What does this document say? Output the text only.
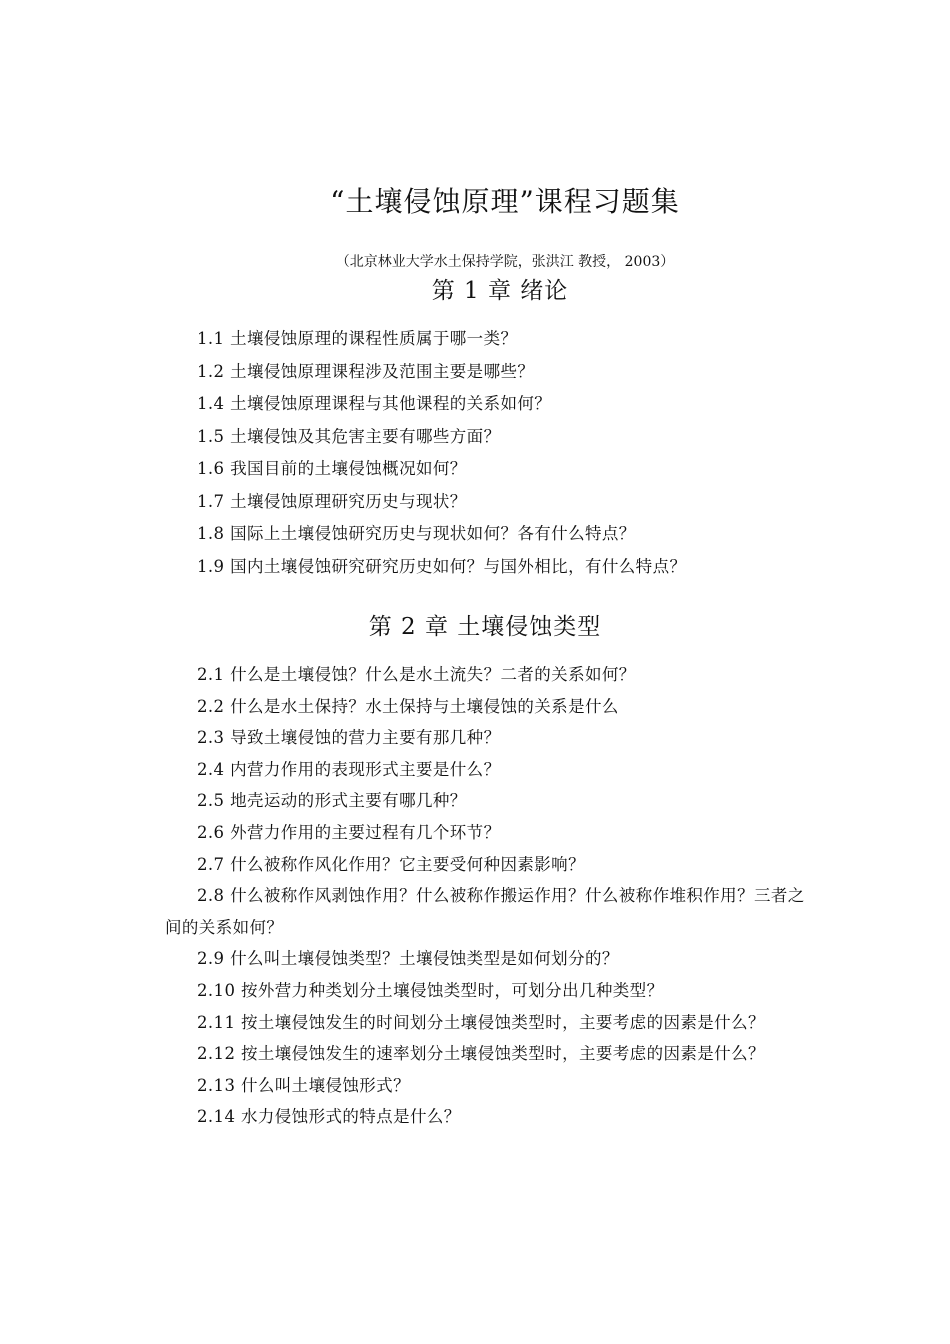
“土壤侵蚀原理”课程习题集

（北京林业大学水土保持学院，张洪江 教授， 2003）

第 1 章 绪论

1.1 土壤侵蚀原理的课程性质属于哪一类？

1.2 土壤侵蚀原理课程涉及范围主要是哪些？

1.4 土壤侵蚀原理课程与其他课程的关系如何？

1.5 土壤侵蚀及其危害主要有哪些方面？

1.6 我国目前的土壤侵蚀概况如何？

1.7 土壤侵蚀原理研究历史与现状？

1.8 国际上土壤侵蚀研究历史与现状如何？各有什么特点？

1.9 国内土壤侵蚀研究研究历史如何？与国外相比，有什么特点？

第 2 章 土壤侵蚀类型

2.1 什么是土壤侵蚀？什么是水土流失？二者的关系如何？

2.2 什么是水土保持？水土保持与土壤侵蚀的关系是什么

2.3 导致土壤侵蚀的营力主要有那几种？

2.4 内营力作用的表现形式主要是什么？

2.5 地壳运动的形式主要有哪几种？

2.6 外营力作用的主要过程有几个环节？

2.7 什么被称作风化作用？它主要受何种因素影响？

2.8 什么被称作风剥蚀作用？什么被称作搬运作用？什么被称作堆积作用？三者之间的关系如何？

2.9 什么叫土壤侵蚀类型？土壤侵蚀类型是如何划分的？

2.10 按外营力种类划分土壤侵蚀类型时，可划分出几种类型？

2.11 按土壤侵蚀发生的时间划分土壤侵蚀类型时，主要考虑的因素是什么？

2.12 按土壤侵蚀发生的速率划分土壤侵蚀类型时，主要考虑的因素是什么？

2.13 什么叫土壤侵蚀形式？

2.14 水力侵蚀形式的特点是什么？
